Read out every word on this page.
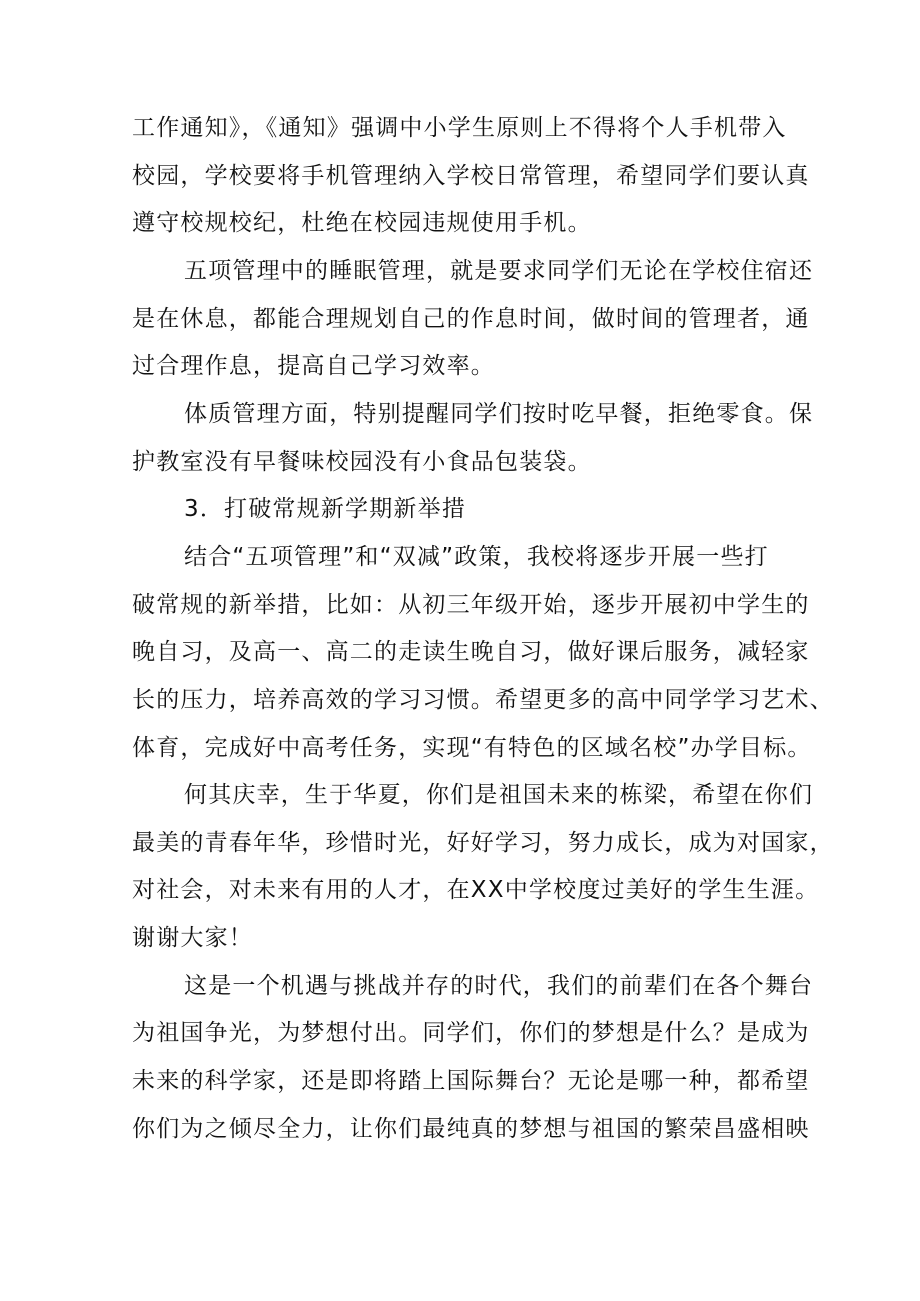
工作通知》，《通知》强调中小学生原则上不得将个人手机带入
校园，学校要将手机管理纳入学校日常管理，希望同学们要认真
遵守校规校纪，杜绝在校园违规使用手机。
五项管理中的睡眠管理，就是要求同学们无论在学校住宿还
是在休息，都能合理规划自己的作息时间，做时间的管理者，通
过合理作息，提高自己学习效率。
体质管理方面，特别提醒同学们按时吃早餐，拒绝零食。保
护教室没有早餐味校园没有小食品包装袋。
3．打破常规新学期新举措
结合“五项管理”和“双减”政策，我校将逐步开展一些打
破常规的新举措，比如：从初三年级开始，逐步开展初中学生的
晚自习，及高一、高二的走读生晚自习，做好课后服务，减轻家
长的压力，培养高效的学习习惯。希望更多的高中同学学习艺术、
体育，完成好中高考任务，实现“有特色的区域名校”办学目标。
何其庆幸，生于华夏，你们是祖国未来的栋梁，希望在你们
最美的青春年华，珍惜时光，好好学习，努力成长，成为对国家，
对社会，对未来有用的人才，在XX中学校度过美好的学生生涯。
谢谢大家！
这是一个机遇与挑战并存的时代，我们的前辈们在各个舞台
为祖国争光，为梦想付出。同学们，你们的梦想是什么？是成为
未来的科学家，还是即将踏上国际舞台？无论是哪一种，都希望
你们为之倾尽全力，让你们最纯真的梦想与祖国的繁荣昌盛相映
